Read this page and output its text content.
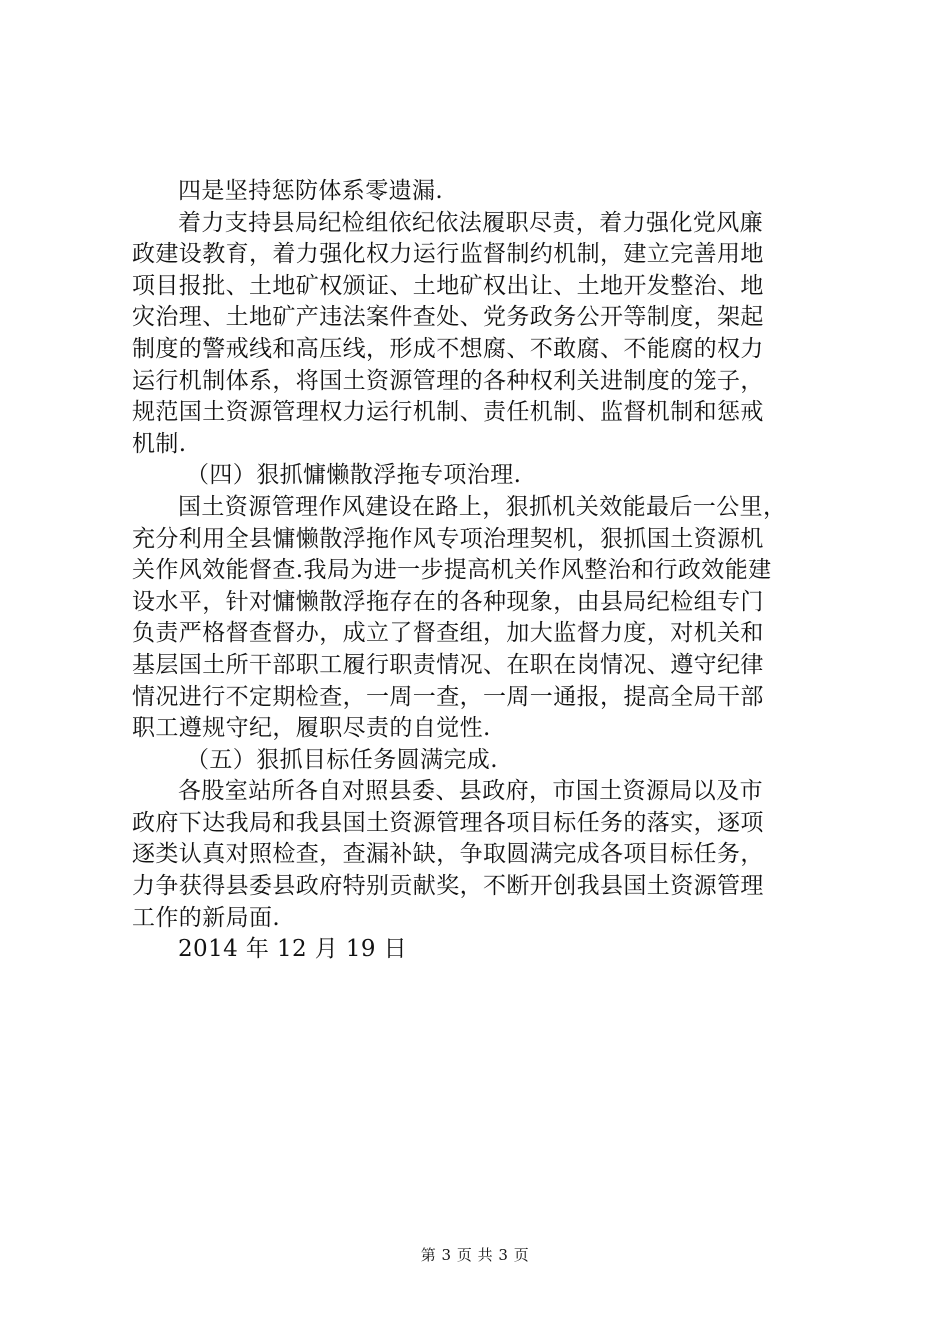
四是坚持惩防体系零遗漏.
着力支持县局纪检组依纪依法履职尽责，着力强化党风廉
政建设教育，着力强化权力运行监督制约机制，建立完善用地
项目报批、土地矿权颁证、土地矿权出让、土地开发整治、地
灾治理、土地矿产违法案件查处、党务政务公开等制度，架起
制度的警戒线和高压线，形成不想腐、不敢腐、不能腐的权力
运行机制体系，将国土资源管理的各种权利关进制度的笼子，
规范国土资源管理权力运行机制、责任机制、监督机制和惩戒
机制.
（四）狠抓慵懒散浮拖专项治理.
国土资源管理作风建设在路上，狠抓机关效能最后一公里，
充分利用全县慵懒散浮拖作风专项治理契机，狠抓国土资源机
关作风效能督查.我局为进一步提高机关作风整治和行政效能建
设水平，针对慵懒散浮拖存在的各种现象，由县局纪检组专门
负责严格督查督办，成立了督查组，加大监督力度，对机关和
基层国土所干部职工履行职责情况、在职在岗情况、遵守纪律
情况进行不定期检查，一周一查，一周一通报，提高全局干部
职工遵规守纪，履职尽责的自觉性.
（五）狠抓目标任务圆满完成.
各股室站所各自对照县委、县政府，市国土资源局以及市
政府下达我局和我县国土资源管理各项目标任务的落实，逐项
逐类认真对照检查，查漏补缺，争取圆满完成各项目标任务，
力争获得县委县政府特别贡献奖，不断开创我县国土资源管理
工作的新局面.
2014 年 12 月 19 日
第 3 页 共 3 页
